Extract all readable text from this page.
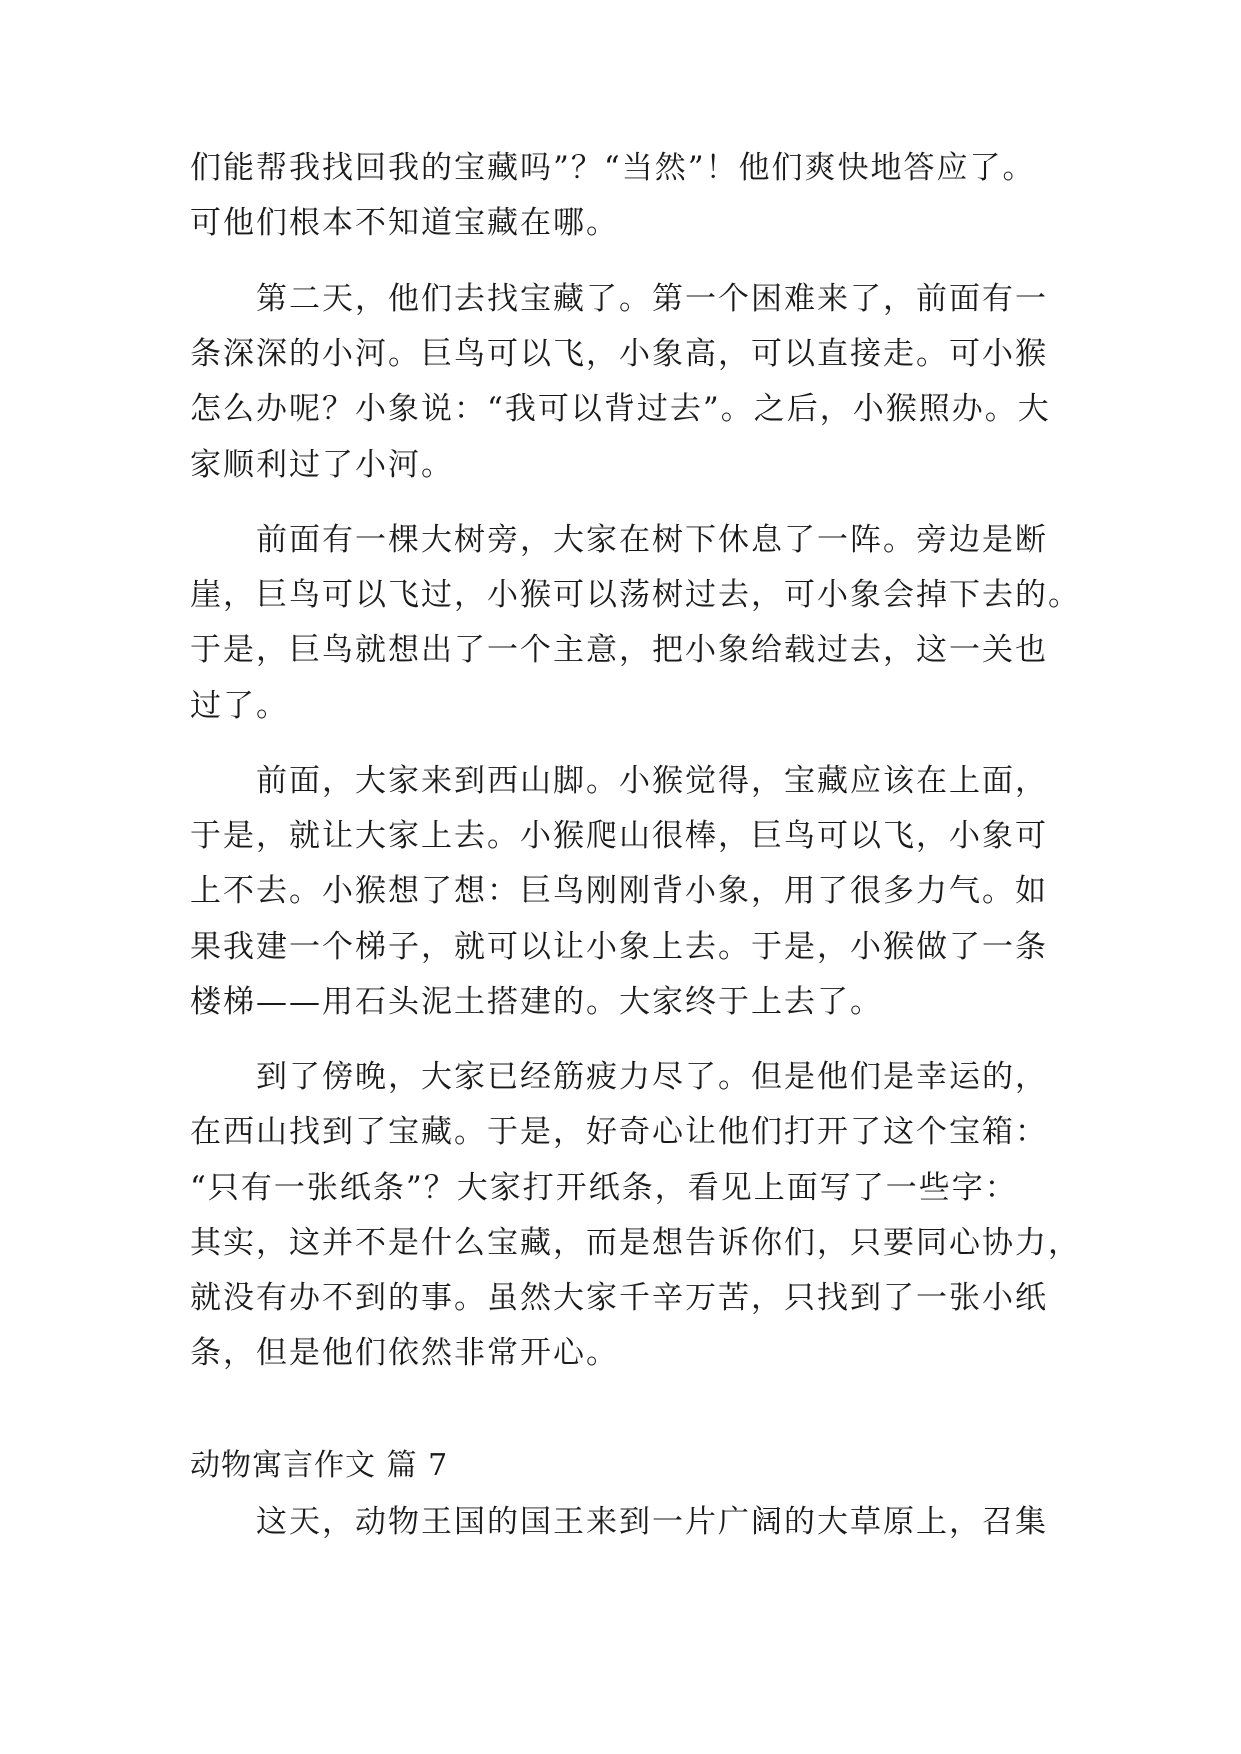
们能帮我找回我的宝藏吗”？“当然”！他们爽快地答应了。
可他们根本不知道宝藏在哪。
第二天，他们去找宝藏了。第一个困难来了，前面有一
条深深的小河。巨鸟可以飞，小象高，可以直接走。可小猴
怎么办呢？小象说：“我可以背过去”。之后，小猴照办。大
家顺利过了小河。
前面有一棵大树旁，大家在树下休息了一阵。旁边是断
崖，巨鸟可以飞过，小猴可以荡树过去，可小象会掉下去的。
于是，巨鸟就想出了一个主意，把小象给载过去，这一关也
过了。
前面，大家来到西山脚。小猴觉得，宝藏应该在上面，
于是，就让大家上去。小猴爬山很棒，巨鸟可以飞，小象可
上不去。小猴想了想：巨鸟刚刚背小象，用了很多力气。如
果我建一个梯子，就可以让小象上去。于是，小猴做了一条
楼梯——用石头泥土搭建的。大家终于上去了。
到了傍晚，大家已经筋疲力尽了。但是他们是幸运的，
在西山找到了宝藏。于是，好奇心让他们打开了这个宝箱：
“只有一张纸条”？大家打开纸条，看见上面写了一些字：
其实，这并不是什么宝藏，而是想告诉你们，只要同心协力，
就没有办不到的事。虽然大家千辛万苦，只找到了一张小纸
条，但是他们依然非常开心。
动物寓言作文 篇 7
这天，动物王国的国王来到一片广阔的大草原上，召集
